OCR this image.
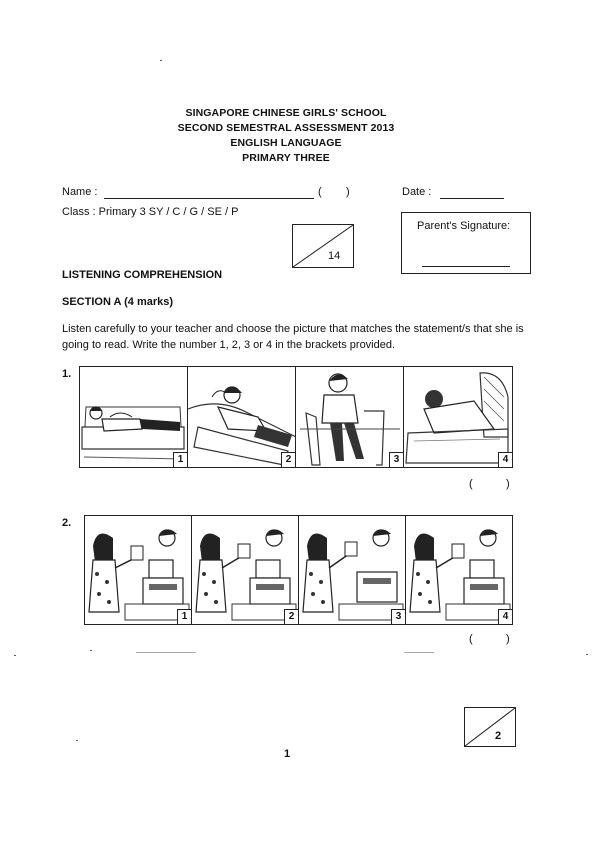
SINGAPORE CHINESE GIRLS' SCHOOL
SECOND SEMESTRAL ASSESSMENT 2013
ENGLISH LANGUAGE
PRIMARY THREE
Name :	( )	Date :
Class : Primary 3 SY / C / G / SE / P
Parent's Signature:
14
LISTENING COMPREHENSION
SECTION A (4 marks)
Listen carefully to your teacher and choose the picture that matches the statement/s that she is going to read. Write the number 1, 2, 3 or 4 in the brackets provided.
1.
1	2	3	4
(	)
2.
1	2	3	4
(	)
2
1
